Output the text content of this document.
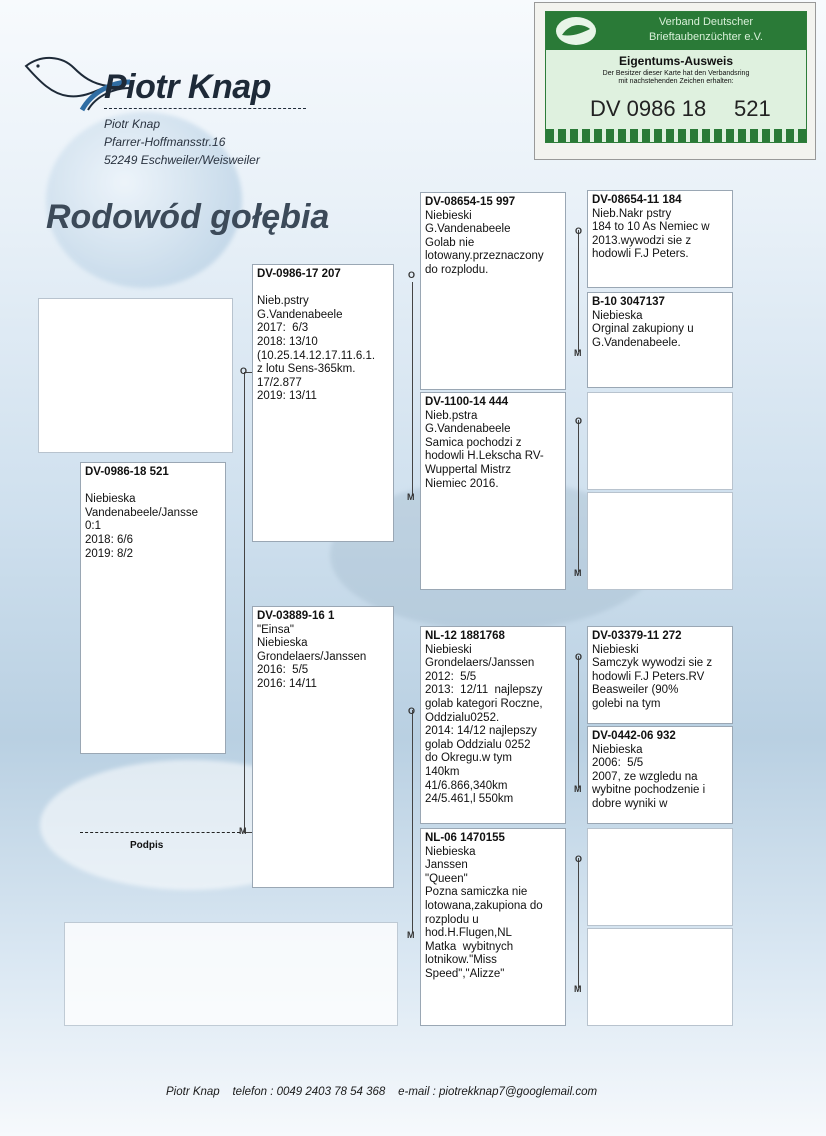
Piotr Knap
Piotr Knap
Pfarrer-Hoffmansstr.16
52249 Eschweiler/Weisweiler
Rodowód gołębia
Verband Deutscher
Brieftaubenzüchter e.V.
Eigentums-Ausweis
Der Besitzer dieser Karte hat den Verbandsring
mit nachstehenden Zeichen erhalten:
DV 0986 18 521
Podpis
O
M
O
M
O
M
O
M
O
M
O
M
O
M
DV-0986-18 521

Niebieska
Vandenabeele/Jansse
0:1
2018: 6/6
2019: 8/2
DV-0986-17 207

Nieb.pstry
G.Vandenabeele
2017:  6/3
2018: 13/10
(10.25.14.12.17.11.6.1.
z lotu Sens-365km.
17/2.877
2019: 13/11
DV-03889-16 1
"Einsa"
Niebieska
Grondelaers/Janssen
2016:  5/5
2016: 14/11
DV-08654-15 997
Niebieski
G.Vandenabeele
Golab nie
lotowany.przeznaczony
do rozplodu.
DV-1100-14 444
Nieb.pstra
G.Vandenabeele
Samica pochodzi z
hodowli H.Lekscha RV-
Wuppertal Mistrz
Niemiec 2016.
NL-12 1881768
Niebieski
Grondelaers/Janssen
2012:  5/5
2013:  12/11  najlepszy
golab kategori Roczne,
Oddzialu0252.
2014: 14/12 najlepszy
golab Oddzialu 0252
do Okregu.w tym
140km
41/6.866,340km
24/5.461,l 550km
NL-06 1470155
Niebieska
Janssen
"Queen"
Pozna samiczka nie
lotowana,zakupiona do
rozplodu u
hod.H.Flugen,NL
Matka  wybitnych
lotnikow."Miss
Speed","Alizze"
DV-08654-11 184
Nieb.Nakr pstry
184 to 10 As Nemiec w
2013.wywodzi sie z
hodowli F.J Peters.
B-10 3047137
Niebieska
Orginal zakupiony u
G.Vandenabeele.
DV-03379-11 272
Niebieski
Samczyk wywodzi sie z
hodowli F.J Peters.RV
Beasweiler (90%
golebi na tym
DV-0442-06 932
Niebieska
2006:  5/5
2007, ze wzgledu na
wybitne pochodzenie i
dobre wyniki w
Piotr Knap telefon : 0049 2403 78 54 368 e-mail : piotrekknap7@googlemail.com
